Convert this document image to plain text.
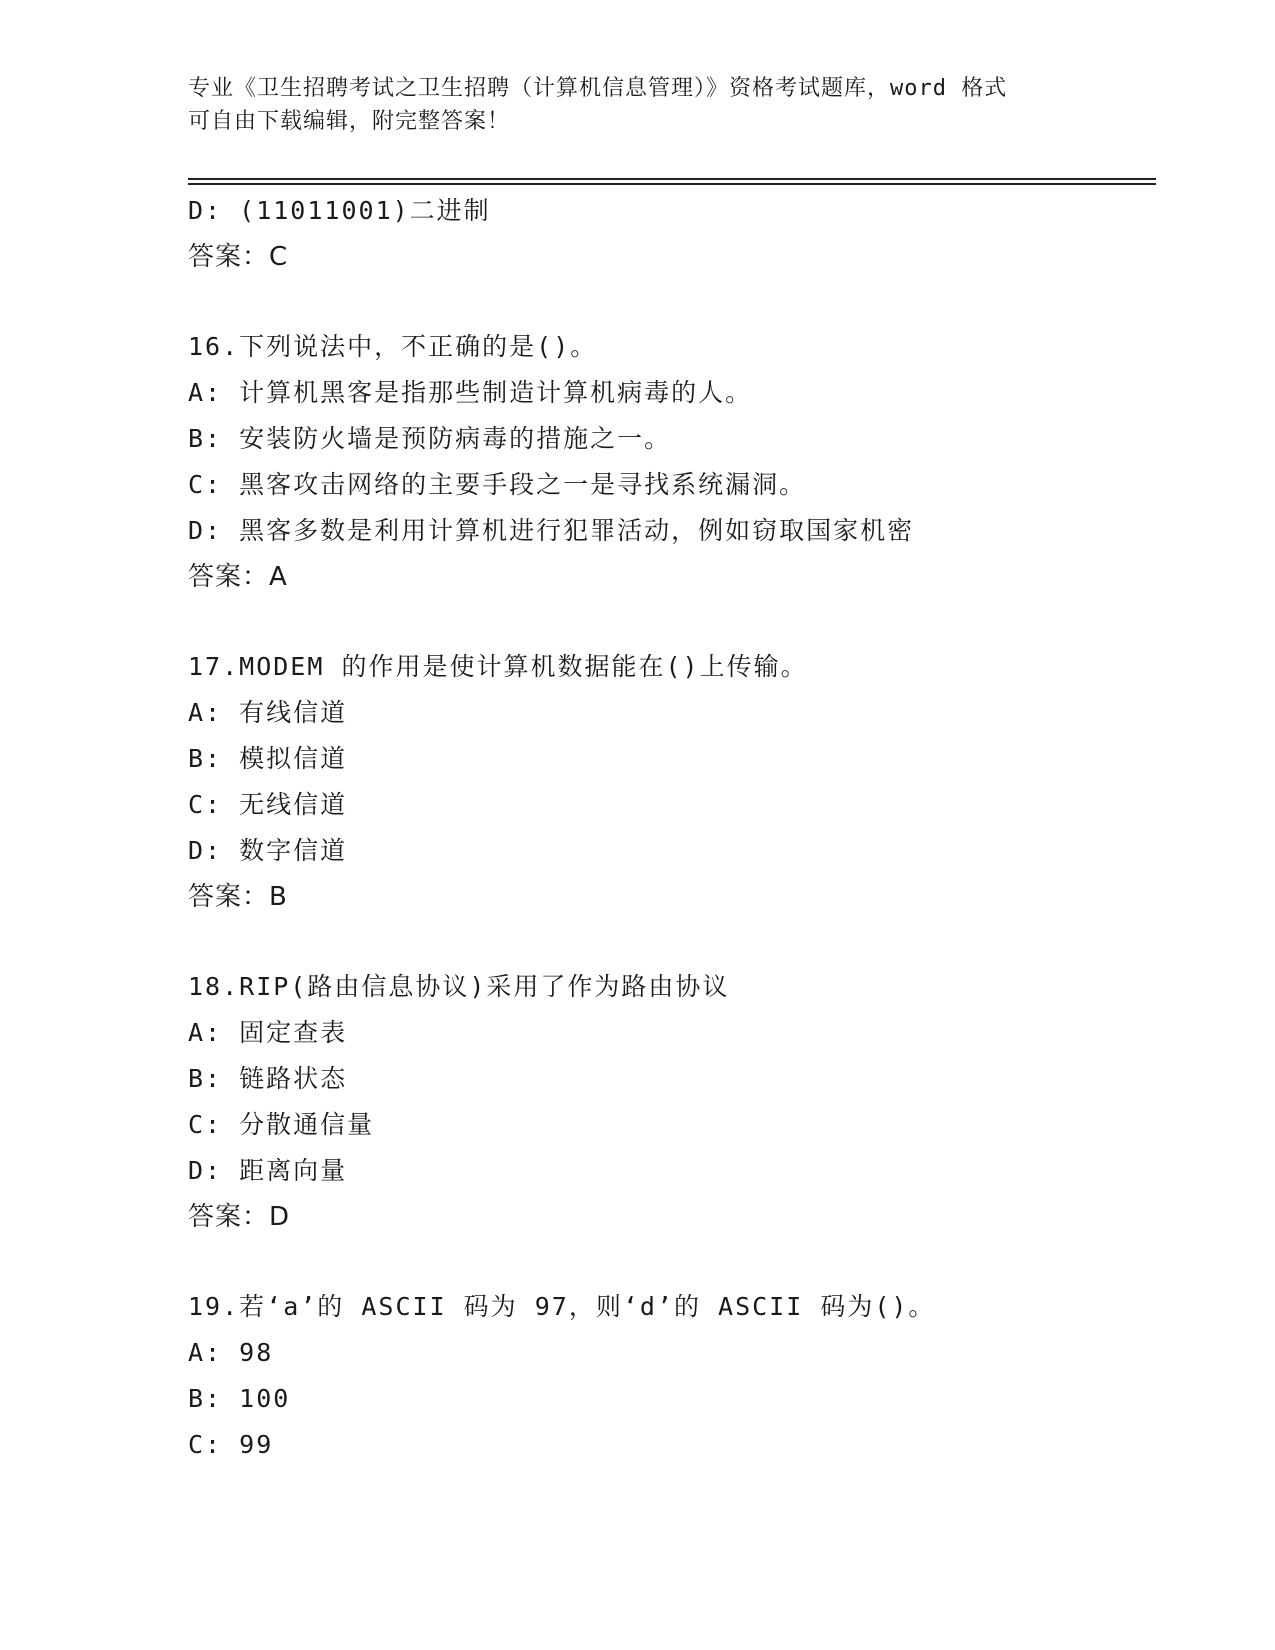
专业《卫生招聘考试之卫生招聘（计算机信息管理）》资格考试题库，word 格式
可自由下载编辑，附完整答案！
D: (11011001)二进制
答案：C
16.下列说法中，不正确的是()。
A: 计算机黑客是指那些制造计算机病毒的人。
B: 安装防火墙是预防病毒的措施之一。
C: 黑客攻击网络的主要手段之一是寻找系统漏洞。
D: 黑客多数是利用计算机进行犯罪活动，例如窃取国家机密
答案：A
17.MODEM 的作用是使计算机数据能在()上传输。
A: 有线信道
B: 模拟信道
C: 无线信道
D: 数字信道
答案：B
18.RIP(路由信息协议)采用了作为路由协议
A: 固定查表
B: 链路状态
C: 分散通信量
D: 距离向量
答案：D
19.若‘a’的 ASCII 码为 97，则‘d’的 ASCII 码为()。
A: 98
B: 100
C: 99
